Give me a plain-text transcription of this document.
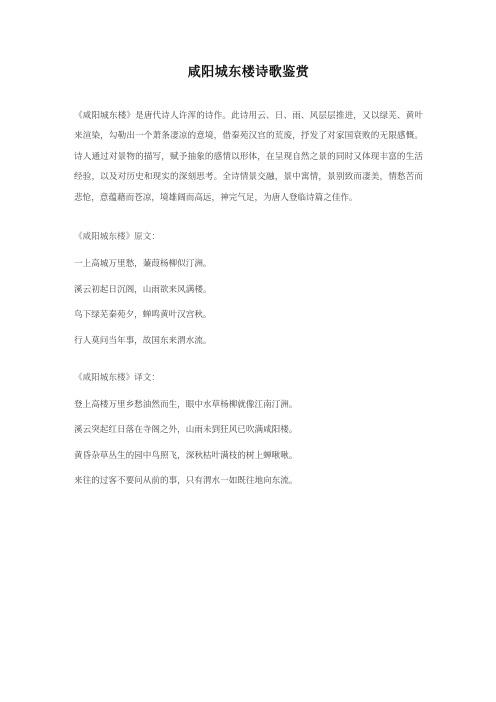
咸阳城东楼诗歌鉴赏

《咸阳城东楼》是唐代诗人许浑的诗作。此诗用云、日、雨、风层层推进，又以绿芜、黄叶来渲染，勾勒出一个萧条凄凉的意境，借秦苑汉宫的荒废，抒发了对家国衰败的无限感慨。诗人通过对景物的描写，赋予抽象的感情以形体，在呈现自然之景的同时又体现丰富的生活经验，以及对历史和现实的深刻思考。全诗情景交融，景中寓情，景别致而凄美，情愁苦而悲怆，意蕴藉而苍凉，境雄阔而高远，神完气足，为唐人登临诗篇之佳作。

《咸阳城东楼》原文：

一上高城万里愁，蒹葭杨柳似汀洲。
溪云初起日沉阁，山雨欲来风满楼。
鸟下绿芜秦苑夕，蝉鸣黄叶汉宫秋。
行人莫问当年事，故国东来渭水流。

《咸阳城东楼》译文：

登上高楼万里乡愁油然而生，眼中水草杨柳就像江南汀洲。
溪云突起红日落在寺阁之外，山雨未到狂风已吹满咸阳楼。
黄昏杂草丛生的园中鸟照飞，深秋枯叶满枝的树上蝉啾啾。
来往的过客不要问从前的事，只有渭水一如既往地向东流。
